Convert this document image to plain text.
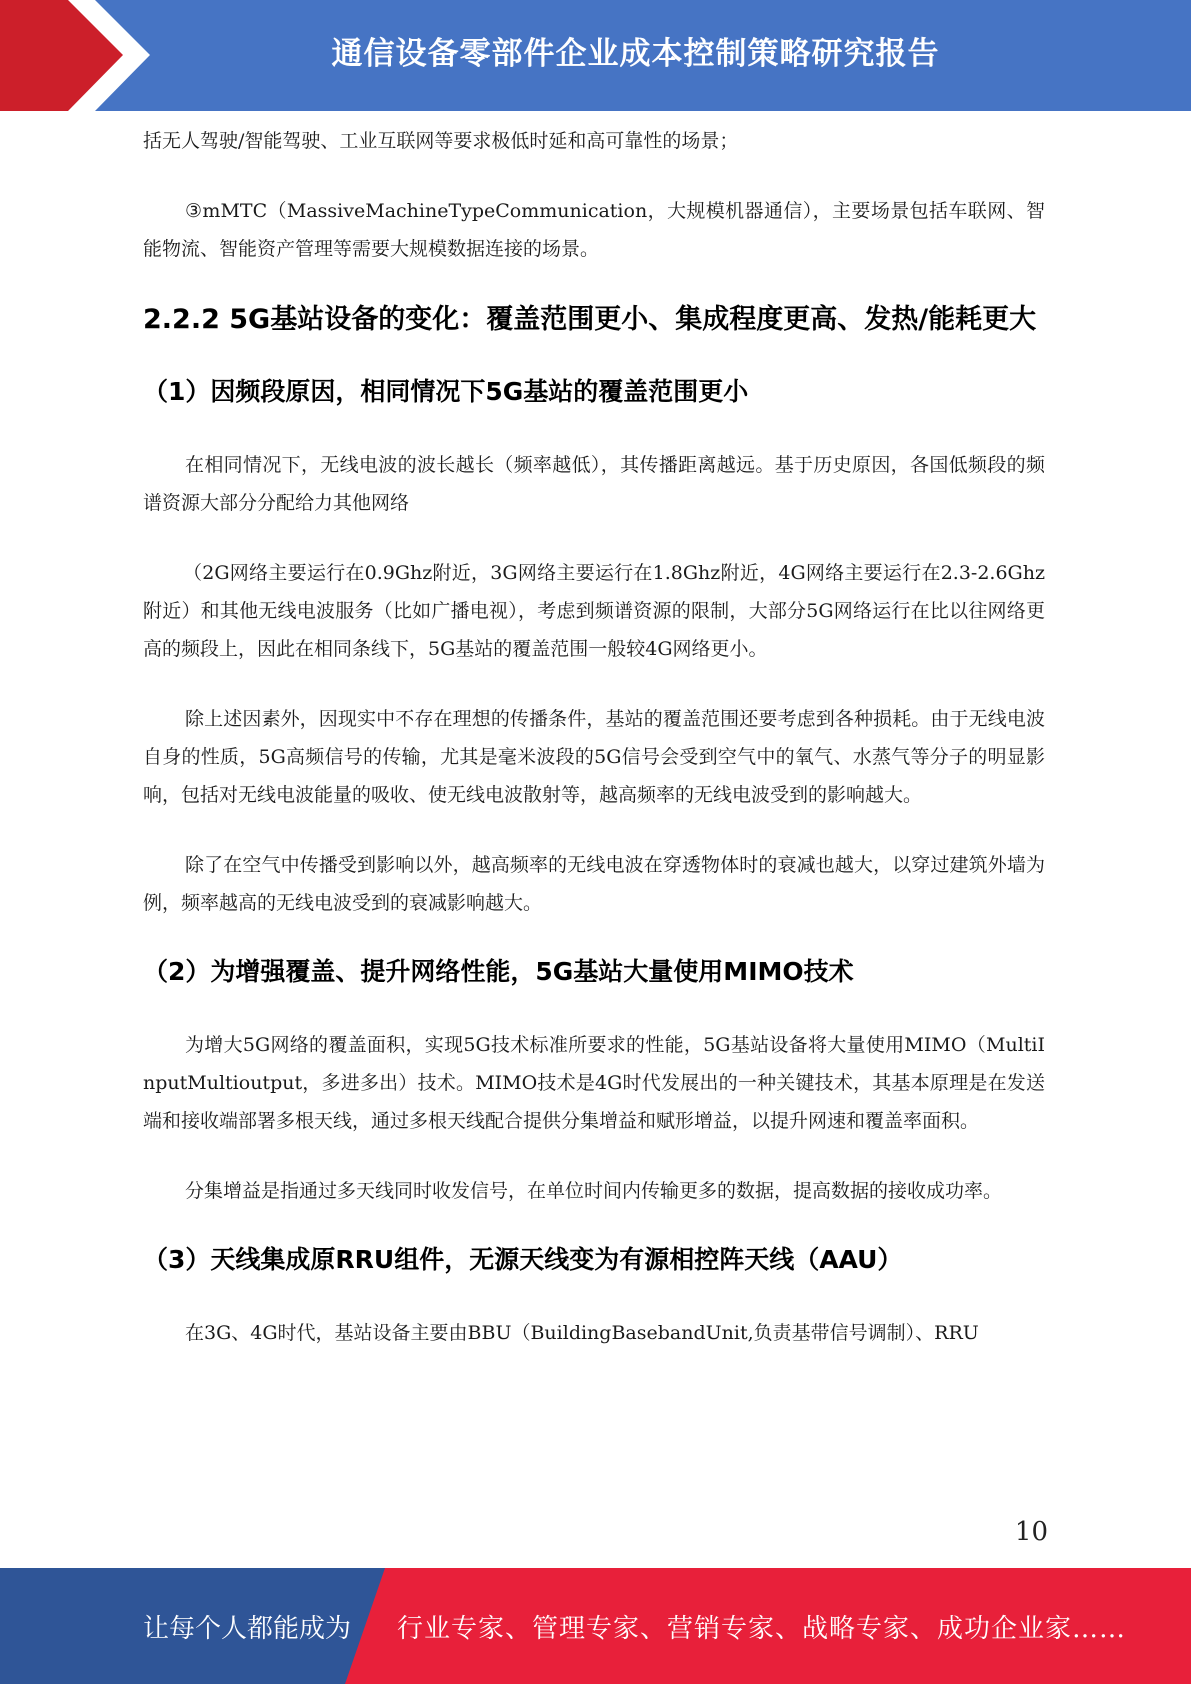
通信设备零部件企业成本控制策略研究报告

括无人驾驶/智能驾驶、工业互联网等要求极低时延和高可靠性的场景；

③mMTC（MassiveMachineTypeCommunication，大规模机器通信），主要场景包括车联网、智能物流、智能资产管理等需要大规模数据连接的场景。

2.2.2 5G基站设备的变化：覆盖范围更小、集成程度更高、发热/能耗更大
（1）因频段原因，相同情况下5G基站的覆盖范围更小

在相同情况下，无线电波的波长越长（频率越低），其传播距离越远。基于历史原因，各国低频段的频谱资源大部分分配给力其他网络

（2G网络主要运行在0.9Ghz附近，3G网络主要运行在1.8Ghz附近，4G网络主要运行在2.3-2.6Ghz附近）和其他无线电波服务（比如广播电视），考虑到频谱资源的限制，大部分5G网络运行在比以往网络更高的频段上，因此在相同条线下，5G基站的覆盖范围一般较4G网络更小。

除上述因素外，因现实中不存在理想的传播条件，基站的覆盖范围还要考虑到各种损耗。由于无线电波自身的性质，5G高频信号的传输，尤其是毫米波段的5G信号会受到空气中的氧气、水蒸气等分子的明显影响，包括对无线电波能量的吸收、使无线电波散射等，越高频率的无线电波受到的影响越大。

除了在空气中传播受到影响以外，越高频率的无线电波在穿透物体时的衰减也越大，以穿过建筑外墙为例，频率越高的无线电波受到的衰减影响越大。

（2）为增强覆盖、提升网络性能，5G基站大量使用MIMO技术

为增大5G网络的覆盖面积，实现5G技术标准所要求的性能，5G基站设备将大量使用MIMO（MultiInputMultioutput，多进多出）技术。MIMO技术是4G时代发展出的一种关键技术，其基本原理是在发送端和接收端部署多根天线，通过多根天线配合提供分集增益和赋形增益，以提升网速和覆盖率面积。

分集增益是指通过多天线同时收发信号，在单位时间内传输更多的数据，提高数据的接收成功率。

（3）天线集成原RRU组件，无源天线变为有源相控阵天线（AAU）

在3G、4G时代，基站设备主要由BBU（BuildingBasebandUnit,负责基带信号调制）、RRU

10
让每个人都能成为 行业专家、管理专家、营销专家、战略专家、成功企业家……
